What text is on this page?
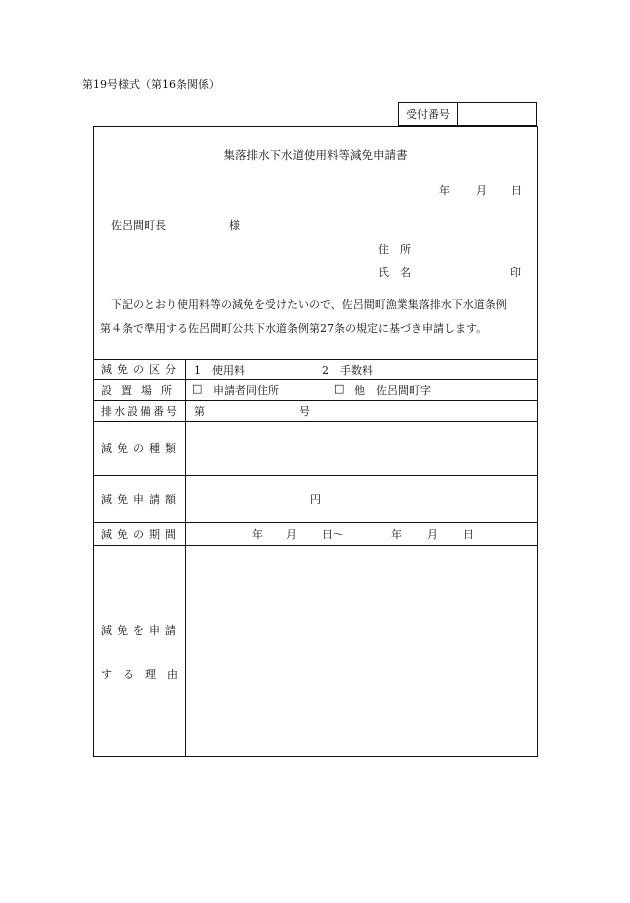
第19号様式（第16条関係）
受付番号
集落排水下水道使用料等減免申請書
年 月 日
佐呂間町長	様
住　所
氏　名	印
下記のとおり使用料等の減免を受けたいので、佐呂間町漁業集落排水下水道条例
第４条で準用する佐呂間町公共下水道条例第27条の規定に基づき申請します。
減免の区分 1　使用料	2　手数料
設置場所 □ 申請者同住所	□ 他　佐呂間町字
排水設備番号 第	号
減免の種類
減免申請額	円
減免の期間	年 月 日〜	年 月 日
減免を申請
する理由
